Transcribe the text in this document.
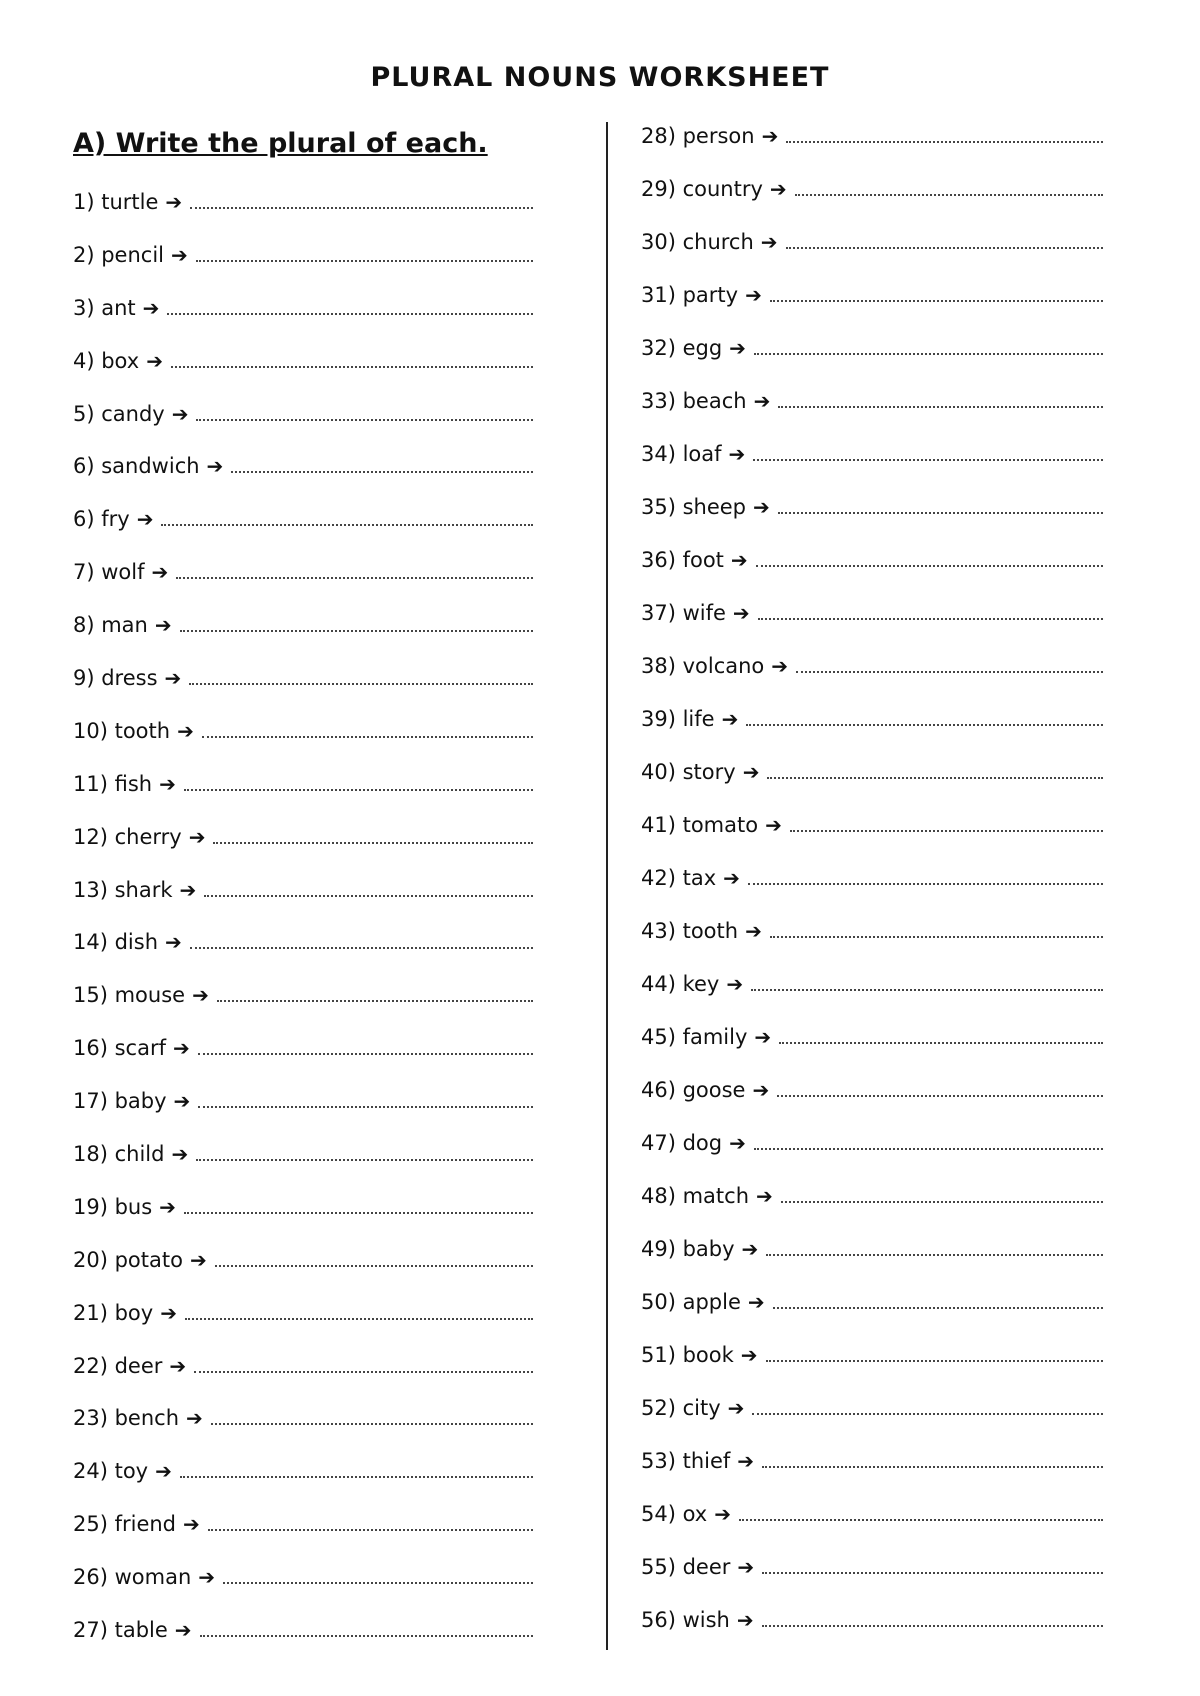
PLURAL NOUNS WORKSHEET
A) Write the plural of each.
1) turtle ➔
2) pencil ➔
3) ant ➔
4) box ➔
5) candy ➔
6) sandwich ➔
6) fry ➔
7) wolf ➔
8) man ➔
9) dress ➔
10) tooth ➔
11) fish ➔
12) cherry ➔
13) shark ➔
14) dish ➔
15) mouse ➔
16) scarf ➔
17) baby ➔
18) child ➔
19) bus ➔
20) potato ➔
21) boy ➔
22) deer ➔
23) bench ➔
24) toy ➔
25) friend ➔
26) woman ➔
27) table ➔
28) person ➔
29) country ➔
30) church ➔
31) party ➔
32) egg ➔
33) beach ➔
34) loaf ➔
35) sheep ➔
36) foot ➔
37) wife ➔
38) volcano ➔
39) life ➔
40) story ➔
41) tomato ➔
42) tax ➔
43) tooth ➔
44) key ➔
45) family ➔
46) goose ➔
47) dog ➔
48) match ➔
49) baby ➔
50) apple ➔
51) book ➔
52) city ➔
53) thief ➔
54) ox ➔
55) deer ➔
56) wish ➔
